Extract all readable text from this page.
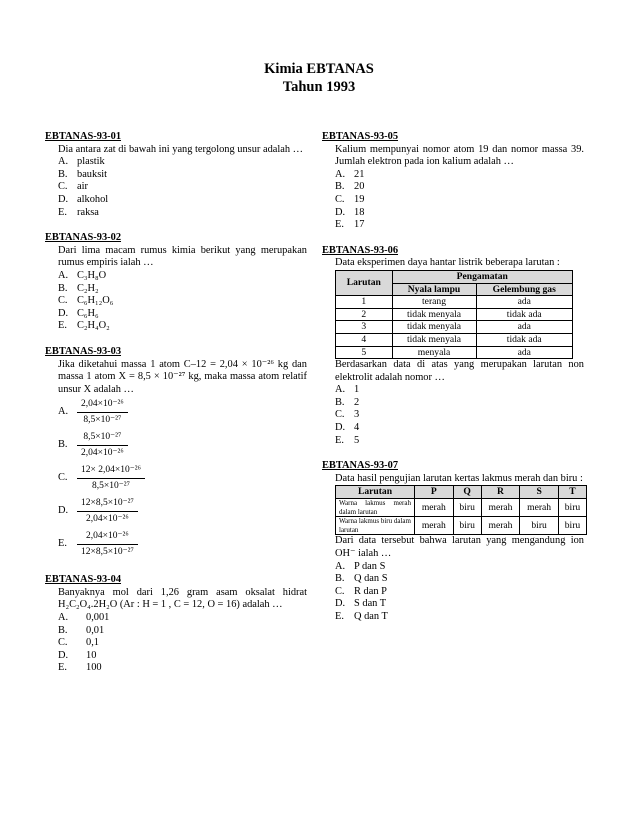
Kimia EBTANAS
Tahun 1993
EBTANAS-93-01
Dia antara zat di bawah ini yang tergolong unsur adalah …
A. plastik
B. bauksit
C. air
D. alkohol
E. raksa
EBTANAS-93-02
Dari lima macam rumus kimia berikut yang merupakan rumus empiris ialah …
A. C₃H₈O
B. C₂H₂
C. C₆H₁₂O₆
D. C₆H₆
E. C₂H₄O₂
EBTANAS-93-03
Jika diketahui massa 1 atom C–12 = 2,04 × 10⁻²⁶ kg dan massa 1 atom X = 8,5 × 10⁻²⁷ kg, maka massa atom relatif unsur X adalah …
A. $\frac{\text{2,04×10⁻²⁶}}{\text{8,5×10⁻²⁷}}$
B. $\frac{\text{8,5×10⁻²⁷}}{\text{2,04×10⁻²⁶}}$
C. $\frac{\text{12× 2,04×10⁻²⁶}}{\text{8,5×10⁻²⁷}}$
D. $\frac{\text{12×8,5×10⁻²⁷}}{\text{2,04×10⁻²⁶}}$
E.	$\frac{\text{2,04×10⁻²⁶}}{\text{12×8,5×10⁻²⁷}}$
EBTANAS-93-04
Banyaknya mol dari 1,26 gram asam oksalat hidrat H₂C₂O₄.2H₂O (Ar : H = 1 , C = 12, O = 16) adalah …
A.	0,001
B.	0,01
C.	0,1
D.	10
E.	100
EBTANAS-93-05
Kalium mempunyai nomor atom 19 dan nomor massa 39. Jumlah elektron pada ion kalium adalah …
A. 21
B. 20
C. 19
D. 18
E. 17
EBTANAS-93-06
Data eksperimen daya hantar listrik beberapa larutan :
Larutan	Pengamatan	
	Nyala lampu	Gelembung gas
1	terang	ada
2	tidak menyala	tidak ada
3	tidak menyala	ada
4	tidak menyala	tidak ada
5	menyala	ada
Berdasarkan data di atas yang merupakan larutan non elektrolit adalah nomor …
A. 1
B. 2
C. 3
D. 4
E. 5
EBTANAS-93-07
Data hasil pengujian larutan kertas lakmus merah dan biru :
Larutan	P	Q	R	S	T
Warna lakmus merah dalam larutan	merah	biru	merah	merah	biru
Warna lakmus biru dalam larutan	merah	biru	merah	biru	biru
Dari data tersebut bahwa larutan yang mengandung ion OH⁻ ialah …
A. P dan S
B. Q dan S
C. R dan P
D. S dan T
E. Q dan T
